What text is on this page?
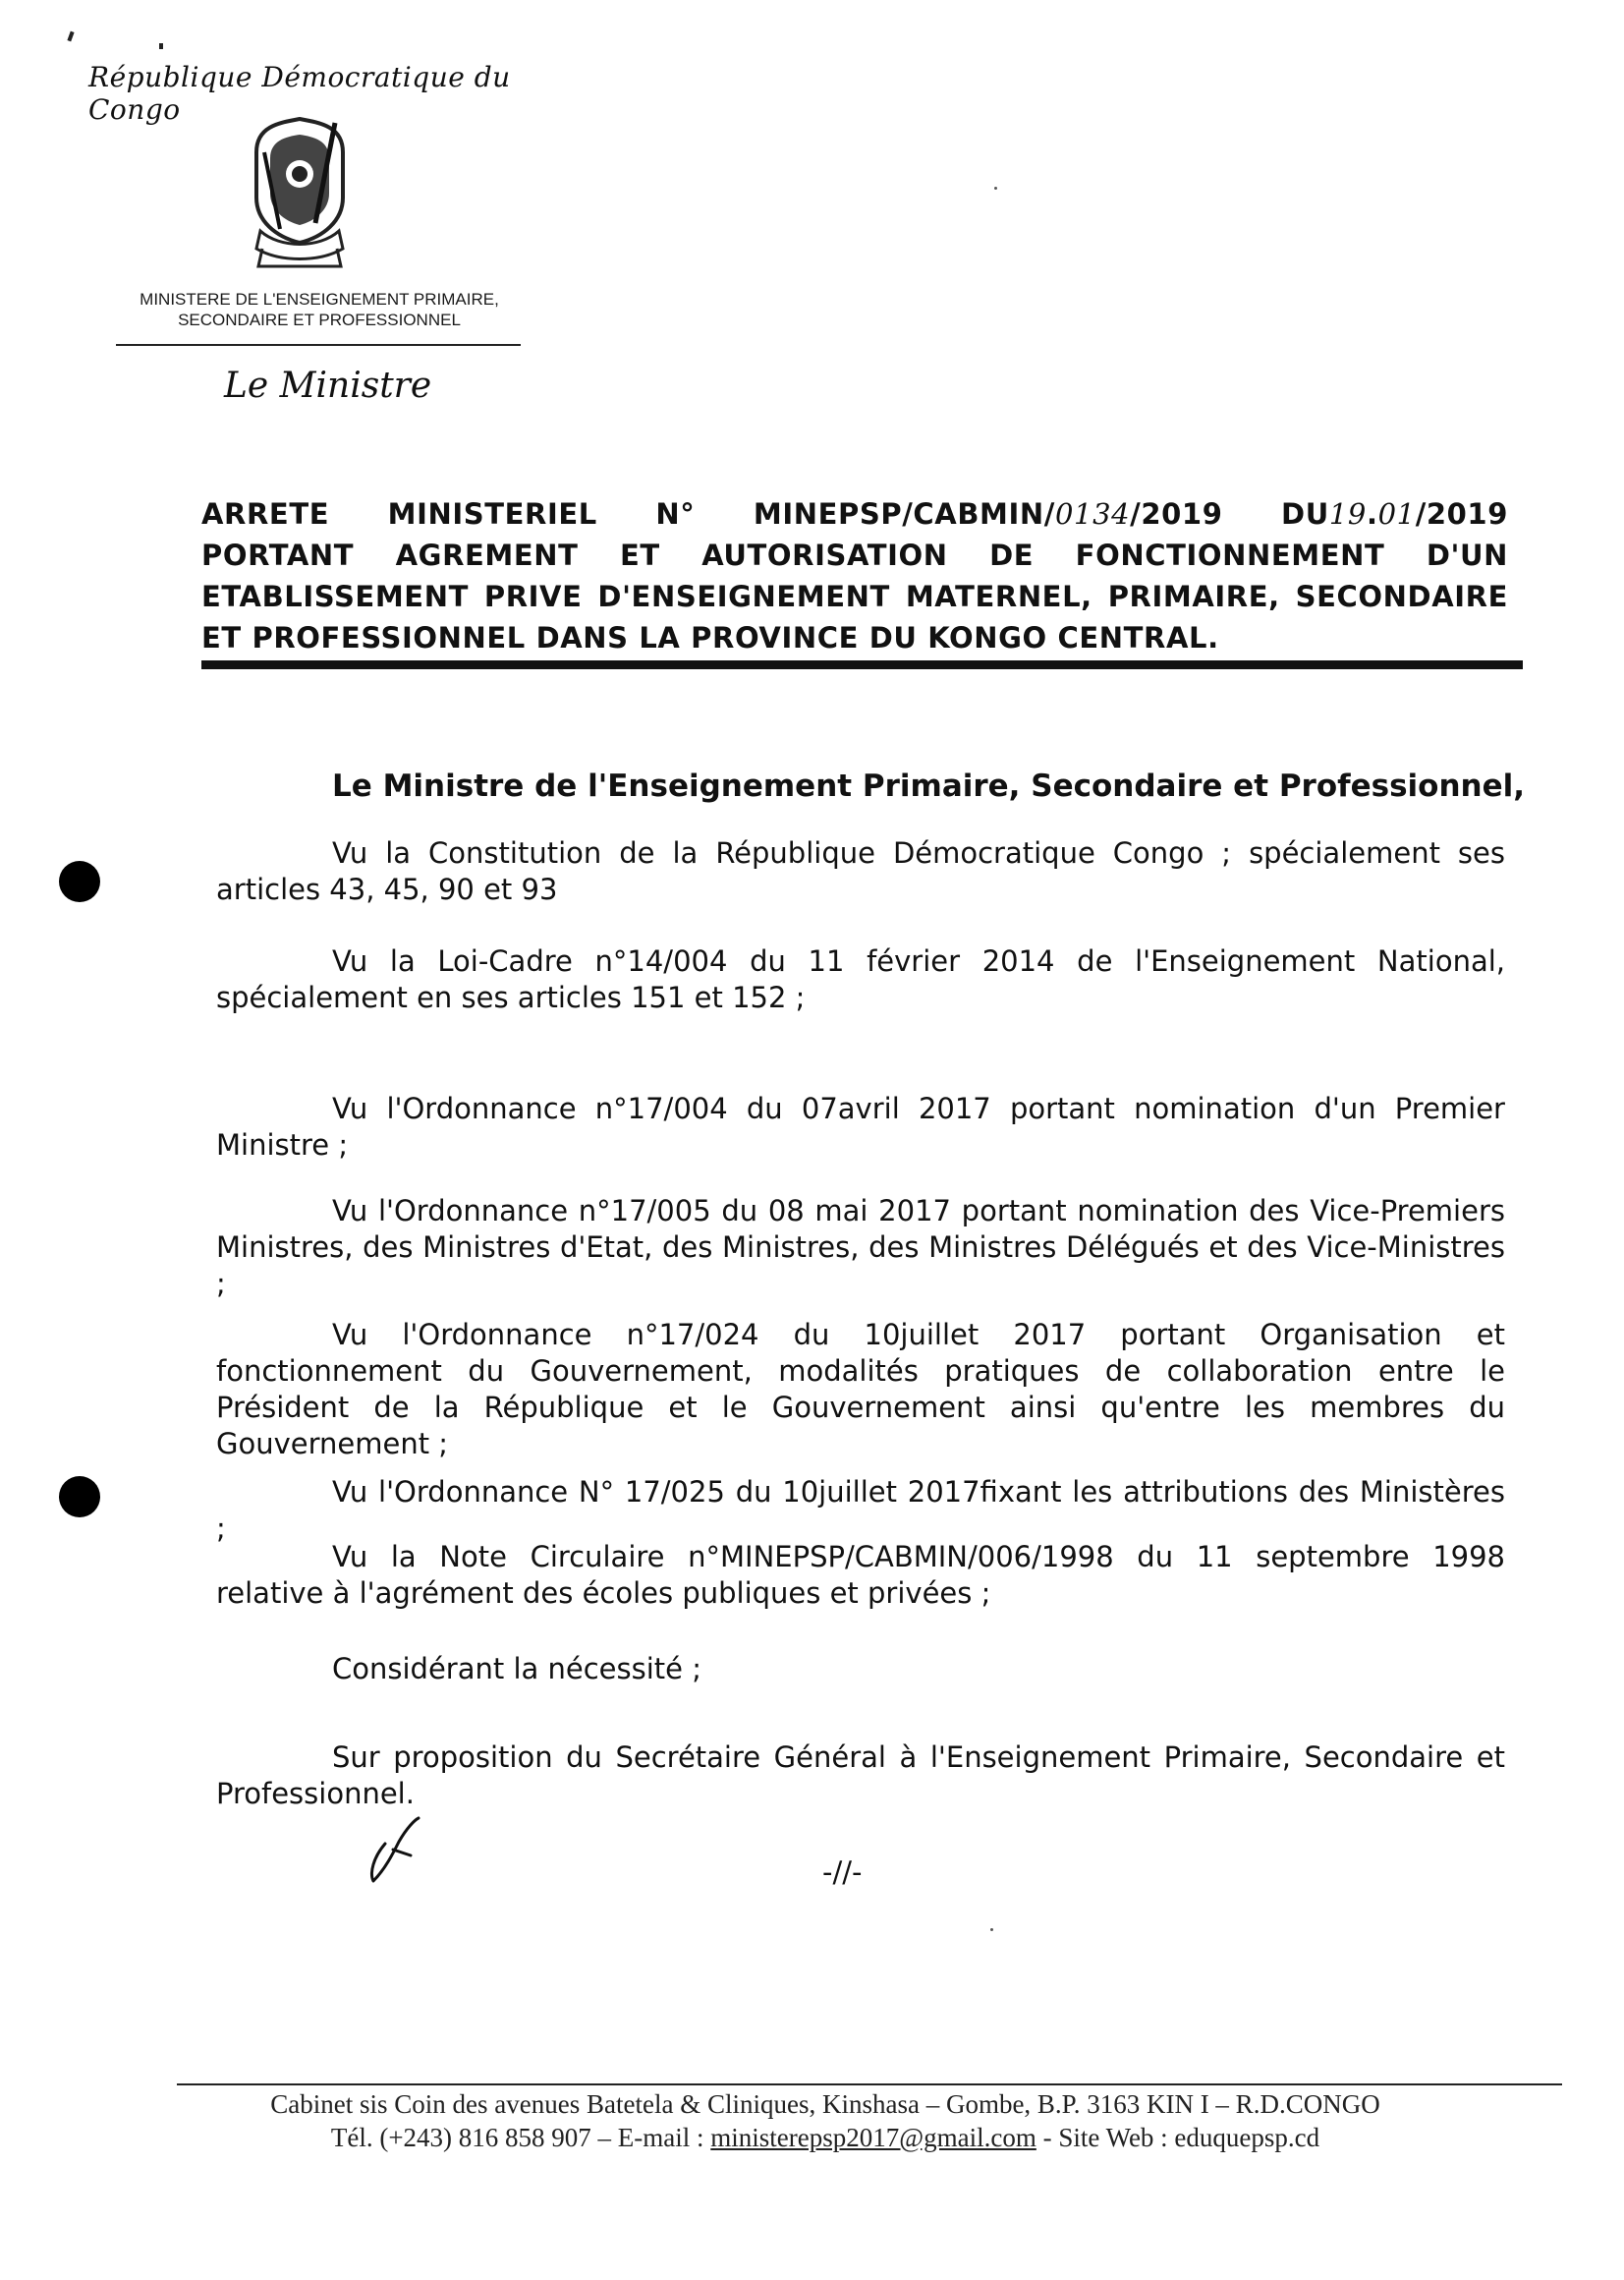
République Démocratique du Congo
MINISTERE DE L'ENSEIGNEMENT PRIMAIRE,
SECONDAIRE ET PROFESSIONNEL
Le Ministre
ARRETE MINISTERIEL N° MINEPSP/CABMIN/0134/2019 DU19.01/2019
PORTANT AGREMENT ET AUTORISATION DE FONCTIONNEMENT D'UN
ETABLISSEMENT PRIVE D'ENSEIGNEMENT MATERNEL, PRIMAIRE, SECONDAIRE
ET PROFESSIONNEL DANS LA PROVINCE DU KONGO CENTRAL.
Le Ministre de l'Enseignement Primaire, Secondaire et Professionnel,
Vu la Constitution de la République Démocratique Congo ; spécialement ses articles 43, 45, 90 et 93
Vu la Loi-Cadre n°14/004 du 11 février 2014 de l'Enseignement National, spécialement en ses articles 151 et 152 ;
Vu l'Ordonnance n°17/004 du 07avril 2017 portant nomination d'un Premier Ministre ;
Vu l'Ordonnance n°17/005 du 08 mai 2017 portant nomination des Vice-Premiers Ministres, des Ministres d'Etat, des Ministres, des Ministres Délégués et des Vice-Ministres ;
Vu l'Ordonnance n°17/024 du 10juillet 2017 portant Organisation et fonctionnement du Gouvernement, modalités pratiques de collaboration entre le Président de la République et le Gouvernement ainsi qu'entre les membres du Gouvernement ;
Vu l'Ordonnance N° 17/025 du 10juillet 2017fixant les attributions des Ministères ;
Vu la Note Circulaire n°MINEPSP/CABMIN/006/1998 du 11 septembre 1998 relative à l'agrément des écoles publiques et privées ;
Considérant la nécessité ;
Sur proposition du Secrétaire Général à l'Enseignement Primaire, Secondaire et Professionnel.
-//-
Cabinet sis Coin des avenues Batetela & Cliniques, Kinshasa – Gombe, B.P. 3163 KIN I – R.D.CONGO
Tél. (+243) 816 858 907 – E-mail : ministerepsp2017@gmail.com - Site Web : eduquepsp.cd
